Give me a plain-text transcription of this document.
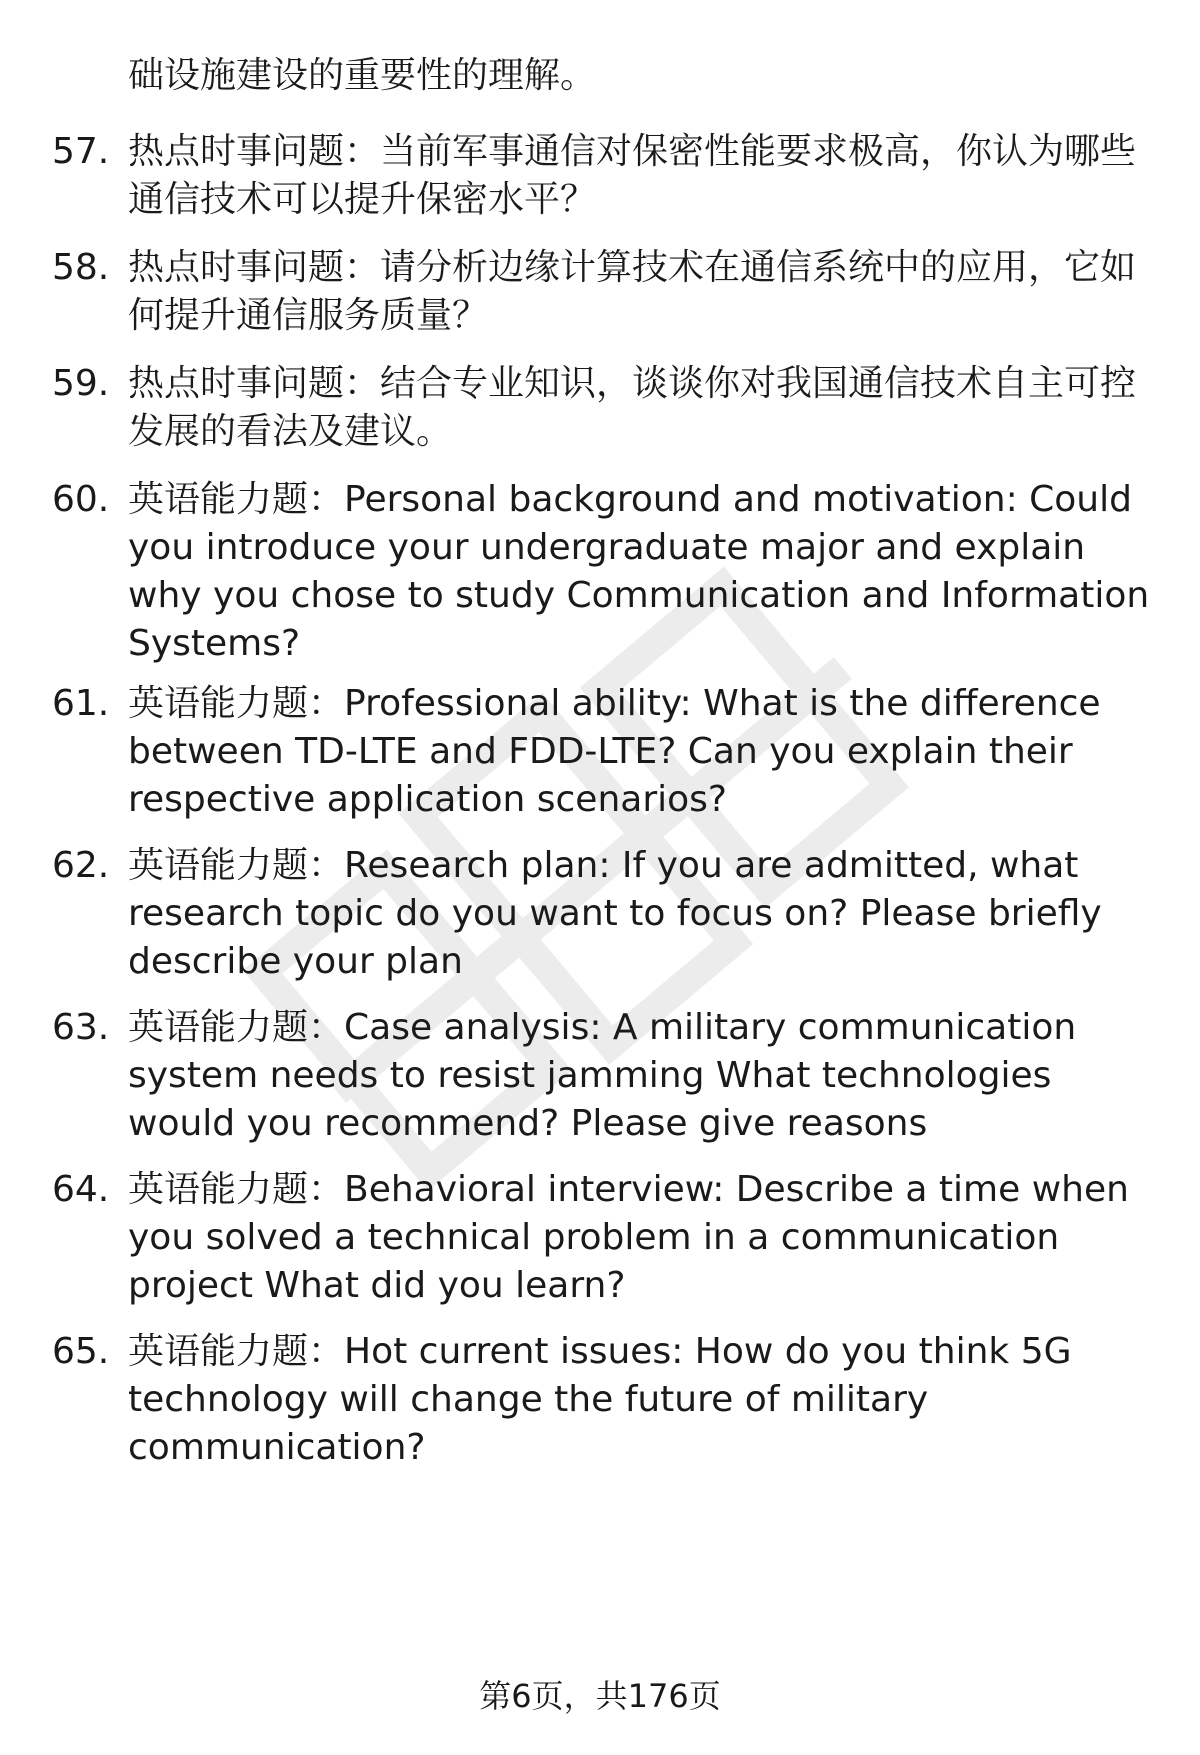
础设施建设的重要性的理解。
57. 热点时事问题：当前军事通信对保密性能要求极高，你认为哪些通信技术可以提升保密水平？
58. 热点时事问题：请分析边缘计算技术在通信系统中的应用，它如何提升通信服务质量？
59. 热点时事问题：结合专业知识，谈谈你对我国通信技术自主可控发展的看法及建议。
60. 英语能力题：Personal background and motivation: Could you introduce your undergraduate major and explain why you chose to study Communication and Information Systems?
61. 英语能力题：Professional ability: What is the difference between TD-LTE and FDD-LTE? Can you explain their respective application scenarios?
62. 英语能力题：Research plan: If you are admitted, what research topic do you want to focus on? Please briefly describe your plan
63. 英语能力题：Case analysis: A military communication system needs to resist jamming What technologies would you recommend? Please give reasons
64. 英语能力题：Behavioral interview: Describe a time when you solved a technical problem in a communication project What did you learn?
65. 英语能力题：Hot current issues: How do you think 5G technology will change the future of military communication?
第6页，共176页
